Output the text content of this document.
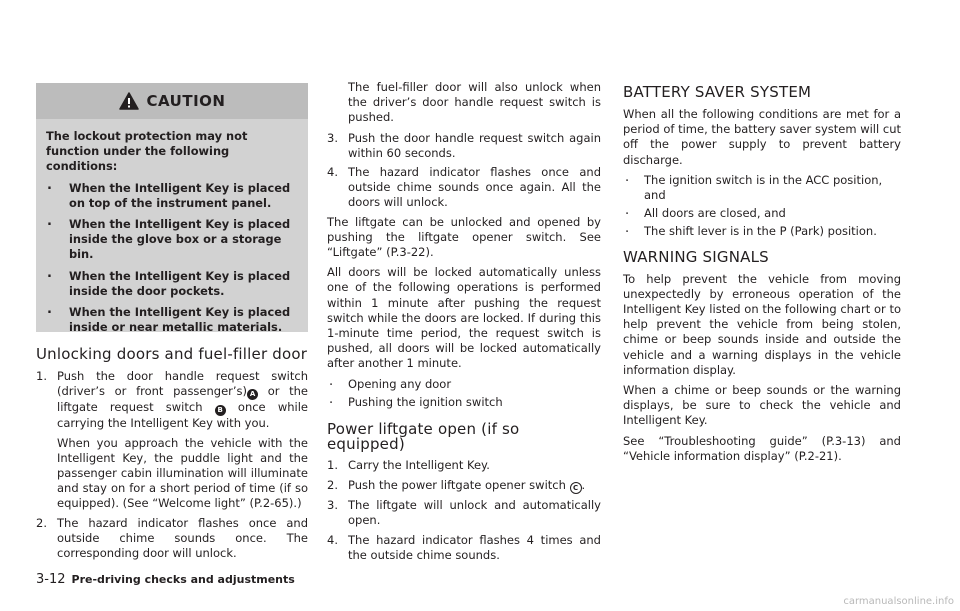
CAUTION

The lockout protection may not function under the following conditions:

. When the Intelligent Key is placed on top of the instrument panel.
. When the Intelligent Key is placed inside the glove box or a storage bin.
. When the Intelligent Key is placed inside the door pockets.
. When the Intelligent Key is placed inside or near metallic materials.
Unlocking doors and fuel-filler door
1. Push the door handle request switch (driver’s or front passenger’s) A or the liftgate request switch B once while carrying the Intelligent Key with you.

When you approach the vehicle with the Intelligent Key, the puddle light and the passenger cabin illumination will illuminate and stay on for a short period of time (if so equipped). (See “Welcome light” (P.2-65).)

2. The hazard indicator flashes once and outside chime sounds once. The corresponding door will unlock.

The fuel-filler door will also unlock when the driver’s door handle request switch is pushed.

3. Push the door handle request switch again within 60 seconds.

4. The hazard indicator flashes once and outside chime sounds once again. All the doors will unlock.

The liftgate can be unlocked and opened by pushing the liftgate opener switch. See “Liftgate” (P.3-22).

All doors will be locked automatically unless one of the following operations is performed within 1 minute after pushing the request switch while the doors are locked. If during this 1-minute time period, the request switch is pushed, all doors will be locked automatically after another 1 minute.

. Opening any door
. Pushing the ignition switch
Power liftgate open (if so equipped)
1. Carry the Intelligent Key.

2. Push the power liftgate opener switch C .

3. The liftgate will unlock and automatically open.

4. The hazard indicator flashes 4 times and the outside chime sounds.

BATTERY SAVER SYSTEM

When all the following conditions are met for a period of time, the battery saver system will cut off the power supply to prevent battery discharge.

. The ignition switch is in the ACC position, and
. All doors are closed, and
. The shift lever is in the P (Park) position.
WARNING SIGNALS

To help prevent the vehicle from moving unexpectedly by erroneous operation of the Intelligent Key listed on the following chart or to help prevent the vehicle from being stolen, chime or beep sounds inside and outside the vehicle and a warning displays in the vehicle information display.

When a chime or beep sounds or the warning displays, be sure to check the vehicle and Intelligent Key.

See “Troubleshooting guide” (P.3-13) and “Vehicle information display” (P.2-21).

3-12 Pre-driving checks and adjustments
carmanualsonline.info
